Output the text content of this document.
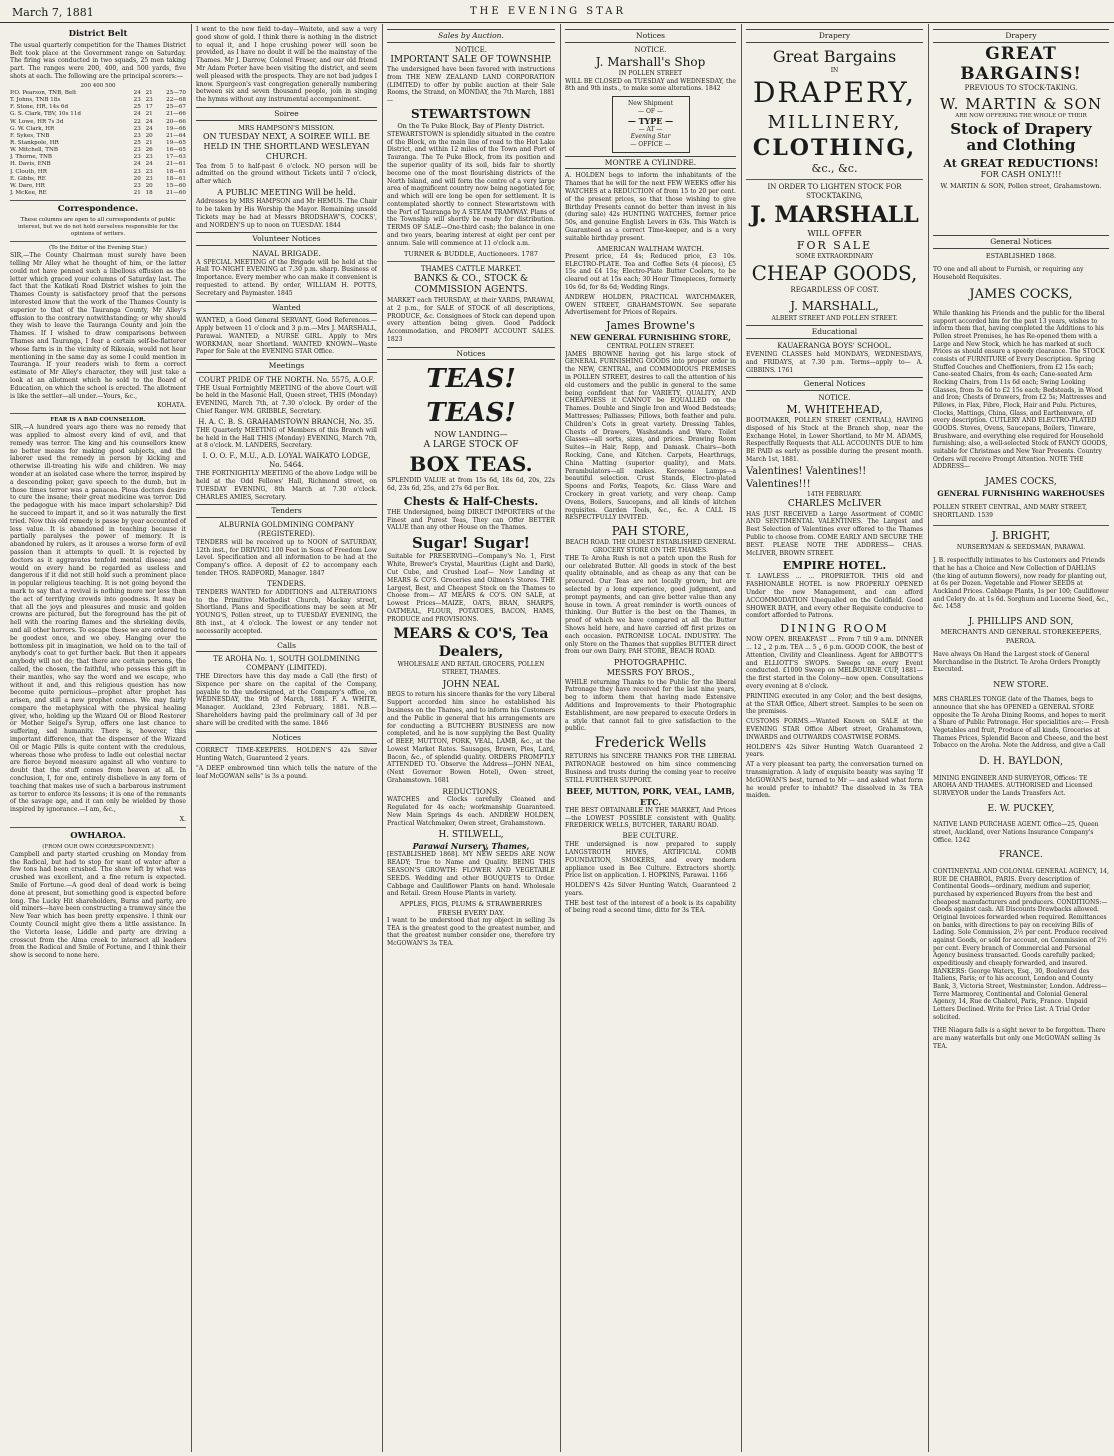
March 7, 1881	THE EVENING STAR
District Belt

The usual quarterly competition for the Thames District Belt took place at the Government range on Saturday. The firing was conducted in two squads, 25 men taking part. The ranges were 200, 400, and 500 yards, five shots at each. The following are the principal scorers:—

200 400 500
P.O. Pearson, TNB, Belt	24	21	25—70
T. Johns, TNB 18s	23	23	22—68
F. Stone, HR, 14s 6d	25	17	25—67
G. S. Clark, TBV, 10s 11d	24	21	21—66
W. Lowe, HR 7s 3d	22	24	20—66
G. W. Clark, HR	23	24	19—66
F. Sykes, TNB	23	20	21—64
R. Stankpole, HR	25	21	19—65
W. Mitchell, TNB	23	26	16—65
J. Thorne, TNB	23	23	17—63
H. Davis, ENB	24	24	21—61
J. Clouth, HR	23	23	18—61
E. Gibbs, RE	20	23	18—61
W. Dare, HR	23	20	15—60
J. McKee, RE	21	18	21—60
Correspondence.
These columns are open to all correspondents of public interest, but we do not hold ourselves responsible for the opinions of writers.
(To the Editor of the Evening Star.)

SIR,—The County Chairman must surely have been telling Mr Alley what he thought of him, or the latter could not have penned such a libellous effusion as the letter which graced your columns of Saturday last. The fact that the Katikati Road District wishes to join the Thames County is satisfactory proof that the persons interested know that the work of the Thames County is superior to that of the Tauranga County, Mr Alley's effusion to the contrary notwithstanding; or why should they wish to leave the Tauranga County and join the Thames. If I wished to draw comparisons between Thames and Tauranga, I fear a certain self-be-flatterer whose farm is in the vicinity of Rikoaia, would not hear mentioning in the same day as some I could mention in Tauranga. If your readers wish to form a correct estimate of Mr Alley's character, they will just take a look at an allotment which he sold to the Board of Education, on which the school is erected. The allotment is like the settler—all under.—Yours, &c.,

KOHATA.
FEAR IS A BAD COUNSELLOR.

SIR,—A hundred years ago there was no remedy that was applied to almost every kind of evil, and that remedy was terror. The king and his counsellors knew no better means for making good subjects, and the laborer used the remedy in person by kicking and otherwise ill-treating his wife and children. We may wonder at an isolated case where the terror, inspired by a descending poker, gave speech to the dumb, but in those times terror was a panacea. Pious doctors desire to cure the insane; their great medicine was terror. Did the pedagogue with his mace impart scholarship? Did he succeed to impart it, and so it was naturally the first tried. Now this old remedy is passe by year accounted of less value. It is abandoned in teaching because it partially paralyses the power of memory. It is abandoned by rulers, as it arouses a worse form of evil passion than it attempts to quell. It is rejected by doctors as it aggravates tenfold mental disease; and would on every hand be regarded as useless and dangerous if it did not still hold such a prominent place in popular religious teaching. It is not going beyond the mark to say that a revival is nothing more nor less than the act of terrifying crowds into goodness. It may be that all the joys and pleasures and music and golden crowns are pictured, but the foreground has the pit of hell with the roaring flames and the shrieking devils, and all other horrors. To escape these we are ordered to be goodest once, and we obey. Hanging over the bottomless pit in imagination, we hold on to the tail of anybody's coat to get further back. But then it appears anybody will not do; that there are certain persons, the called, the chosen, the faithful, who possess this gift in their mantles, who say the word and we escape, who without it and, and this religious question has now become quite pernicious—prophet after prophet has arisen, and still a new prophet comes. We may fairly compare the metaphysical with the physical healing giver, who, holding up the Wizard Oil or Blood Restorer or Mother Seigel's Syrup, offers one last chance to suffering, sad humanity. There is, however, this important difference, that the dispenser of the Wizard Oil or Magic Pills is quite content with the credulous, whereas those who profess to ladle out celestial nectar are fierce beyond measure against all who venture to doubt that the stuff comes from heaven at all. In conclusion, I, for one, entirely disbelieve in any form of teaching that makes use of such a barbarous instrument as terror to enforce its lessons; it is one of the remnants of the savage age, and it can only be wielded by those inspired by ignorance.—I am, &c.,

X.
OWHAROA.
(FROM OUR OWN CORRESPONDENT.)

Campbell and party started crushing on Monday from the Radical, but had to stop for want of water after a few tons had been crushed. The show left by what was crushed was excellent, and a fine return is expected. Smile of Fortune.—A good deal of dead work is being done at present, but something good is expected before long. The Lucky Hit shareholders, Burns and party, are old miners—have been constructing a tramway since the New Year which has been pretty expensive. I think our County Council might give them a little assistance. In the Victoria lease, Liddle and party are driving a crosscut from the Alma creek to intersect all leaders from the Radical and Smile of Fortune, and I think their show is second to none here.

I went to the new field to-day—Waitete, and saw a very good show of gold. I think there is nothing in the district to equal it, and I hope crushing power will soon be provided, as I have no doubt it will be the mainstay of the Thames. Mr J. Darrow, Colonel Fraser, and our old friend Mr Adam Porter have been visiting the district, and seem well pleased with the prospects. They are not bad judges I know. Spurgeon's vast congregation generally numbering between six and seven thousand people, join in singing the hymns without any instrumental accompaniment.

Soiree
MRS HAMPSON'S MISSION.
ON TUESDAY NEXT, A SOIREE WILL BE HELD IN THE SHORTLAND WESLEYAN CHURCH.

Tea from 5 to half-past 6 o'clock. NO person will be admitted on the ground without Tickets until 7 o'clock, after which

A PUBLIC MEETING Will be held.

Addresses by MRS HAMPSON and Mr HEMUS. The Chair to be taken by His Worship the Mayor. Remaining unsold Tickets may be had at Messrs BRODSHAW'S, COCKS', and NORDEN'S up to noon on TUESDAY. 1844

Volunteer Notices
NAVAL BRIGADE.

A SPECIAL MEETING of the Brigade will be held at the Hall TO-NIGHT EVENING at 7.30 p.m. sharp. Business of Importance. Every member who can make it convenient is requested to attend. By order, WILLIAM H. POTTS, Secretary and Paymaster. 1845

Wanted

WANTED, a Good General SERVANT, Good References.—Apply between 11 o'clock and 3 p.m.—Mrs J. MARSHALL, Parawai. WANTED, a NURSE GIRL. Apply to Mrs WORKMAN, near Shortland. WANTED KNOWN—Waste Paper for Sale at the EVENING STAR Office.

Meetings
COURT PRIDE OF THE NORTH. No. 5575, A.O.F.

THE Usual Fortnightly MEETING of the above Court will be held in the Masonic Hall, Queen street, THIS (Monday) EVENING, March 7th, at 7.30 o'clock. By order of the Chief Ranger. WM. GRIBBLE, Secretary.

H. A. C. B. S. GRAHAMSTOWN BRANCH, No. 35.

THE Quarterly MEETING of Members of this Branch will be held in the Hall THIS (Monday) EVENING, March 7th, at 8 o'clock. M. LANDERS, Secretary.

I. O. O. F., M.U., A.D. LOYAL WAIKATO LODGE, No. 5464.

THE FORTNIGHTLY MEETING of the above Lodge will be held at the Odd Fellows' Hall, Richmond street, on TUESDAY EVENING, 8th March at 7.30 o'clock. CHARLES AMIES, Secretary.

Tenders
ALBURNIA GOLDMINING COMPANY (REGISTERED).

TENDERS will be received up to NOON of SATURDAY, 12th inst., for DRIVING 100 Feet in Sons of Freedom Low Level. Specification and all information to be had at the Company's office. A deposit of £2 to accompany each tender. THOS. RADFORD, Manager. 1847

TENDERS.

TENDERS WANTED for ADDITIONS and ALTERATIONS to the Primitive Methodist Church, Mackay street, Shortland. Plans and Specifications may be seen at Mr YOUNG'S, Pollen street, up to TUESDAY EVENING, the 8th inst., at 4 o'clock. The lowest or any tender not necessarily accepted.

Calls
TE AROHA No. 1, SOUTH GOLDMINING COMPANY (LIMITED).

THE Directors have this day made a Call (the first) of Sixpence per share on the capital of the Company, payable to the undersigned, at the Company's office, on WEDNESDAY, the 9th of March, 1881. F. A. WHITE, Manager. Auckland, 23rd February, 1881. N.B.—Shareholders having paid the preliminary call of 3d per share will be credited with the same. 1846

Notices

CORRECT TIME-KEEPERS. HOLDEN'S 42s Silver Hunting Watch, Guaranteed 2 years.

"A DEEP embrowned tinn which tells the nature of the leaf McGOWAN sells" is 3s a pound.

Sales by Auction.
NOTICE.
IMPORTANT SALE OF TOWNSHIP.

The undersigned have been favored with instructions from THE NEW ZEALAND LAND CORPORATION (LIMITED) to offer by public auction at their Sale Rooms, the Strand, on MONDAY, the 7th March, 1881—

STEWARTSTOWN
On the Te Puke Block, Bay of Plenty District.

STEWARTSTOWN is splendidly situated in the centre of the Block, on the main line of road to the Hot Lake District, and within 12 miles of the Town and Port of Tauranga. The Te Puke Block, from its position and the superior quality of its soil, bids fair to shortly become one of the most flourishing districts of the North Island, and will form the centre of a very large area of magnificent country now being negotiated for, and which will ere long be open for settlement. It is contemplated shortly to connect Stewartstown with the Port of Tauranga by A STEAM TRAMWAY. Plans of the Township will shortly be ready for distribution. TERMS OF SALE—One-third cash; the balance in one and two years, bearing interest at eight per cent per annum. Sale will commence at 11 o'clock a.m.

TURNER & BUDDLE, Auctioneers. 1787
THAMES CATTLE MARKET.
BANKS & CO., STOCK & COMMISSION AGENTS.

MARKET each THURSDAY, at their YARDS, PARAWAI, at 2 p.m., for SALE of STOCK of all descriptions, PRODUCE, &c. Consignees of Stock can depend upon every attention being given. Good Paddock Accommodation, and PROMPT ACCOUNT SALES. 1823

Notices
TEAS!
TEAS!
NOW LANDING—
A LARGE STOCK OF
BOX TEAS.

SPLENDID VALUE at from 15s 6d, 18s 6d, 20s, 22s 6d, 23s 6d, 25s, and 27s 6d per Box.

Chests & Half-Chests.

THE Undersigned, being DIRECT IMPORTERS of the Finest and Purest Teas, They can Offer BETTER VALUE than any other House on the Thames.

Sugar! Sugar!

Suitable for PRESERVING—Company's No. 1, First White, Brewer's Crystal, Mauritius (Light and Dark), Cut Cube, and Crushed Loaf— Now Landing at MEARS & CO'S. Groceries and Oilmen's Stores. THE Largest, Best, and Cheapest Stock on the Thames to Choose from— AT MEARS & CO'S. ON SALE, at Lowest Prices—MAIZE, OATS, BRAN, SHARPS, OATMEAL, FLOUR, POTATOES, BACON, HAMS, PRODUCE and PROVISIONS.

MEARS & CO'S, Tea Dealers,
WHOLESALE AND RETAIL GROCERS, POLLEN STREET, THAMES.
JOHN NEAL

BEGS to return his sincere thanks for the very Liberal Support accorded him since he established his business on the Thames, and to inform his Customers and the Public in general that his arrangements are for conducting a BUTCHERY BUSINESS are now completed, and he is now supplying the Best Quality of BEEF, MUTTON, PORK, VEAL, LAMB, &c., at the Lowest Market Rates. Sausages, Brawn, Pies, Lard, Bacon, &c., of splendid quality. ORDERS PROMPTLY ATTENDED TO. Observe the Address—JOHN NEAL, (Next Governor Bowen Hotel), Owen street, Grahamstown. 1681

REDUCTIONS.

WATCHES and Clocks carefully Cleaned and Regulated for 4s each; workmanship Guaranteed. New Main Springs 4s each. ANDREW HOLDEN, Practical Watchmaker, Owen street, Grahamstown.

H. STILWELL,
Parawai Nursery, Thames,

[ESTABLISHED 1868]. MY NEW SEEDS ARE NOW READY; True to Name and Quality. BEING THIS SEASON'S GROWTH: FLOWER AND VEGETABLE SEEDS. Wedding and other BOUQUETS to Order. Cabbage and Cauliflower Plants on hand. Wholesale and Retail. Green House Plants in variety.

APPLES, FIGS, PLUMS & STRAWBERRIES FRESH EVERY DAY.

I want to be understood that my object in selling 3s TEA is the greatest good to the greatest number, and that the greatest number consider one, therefore try McGOWAN'S 3s TEA.

Notices
NOTICE.
J. Marshall's Shop
IN POLLEN STREET

WILL BE CLOSED on TUESDAY and WEDNESDAY, the 8th and 9th insts., to make some alterations. 1842

New Shipment
— OF —
— TYPE —
— AT —
Evening Star
— OFFICE —
MONTRE A CYLINDRE.

A. HOLDEN begs to inform the inhabitants of the Thames that he will for the next FEW WEEKS offer his WATCHES at a REDUCTION of from 15 to 20 per cent. of the present prices, so that those wishing to give Birthday Presents cannot do better than invest in his (during sale) 42s HUNTING WATCHES, former price 50s, and genuine English Levers in 63s. This Watch is Guaranteed as a correct Time-keeper, and is a very suitable birthday present.

AMERICAN WALTHAM WATCH.

Present price, £4 4s; Reduced price, £3 10s. ELECTRO-PLATE. Tea and Coffee Sets (4 pieces), £5 15s and £4 15s; Electro-Plate Butter Coolers, to be cleared out at 15s each; 30 Hour Timepieces, formerly 10s 6d, for 8s 6d; Wedding Rings.

ANDREW HOLDEN, PRACTICAL WATCHMAKER, OWEN STREET, GRAHAMSTOWN. See separate Advertisement for Prices of Repairs.

James Browne's
NEW GENERAL FURNISHING STORE,
CENTRAL POLLEN STREET.

JAMES BROWNE having got his large stock of GENERAL FURNISHING GOODS into proper order in the NEW, CENTRAL, and COMMODIOUS PREMISES in POLLEN STREET, desires to call the attention of his old customers and the public in general to the same being confident that for VARIETY, QUALITY, AND CHEAPNESS it CANNOT be EQUALLED on the Thames. Double and Single Iron and Wood Bedsteads; Mattresses; Palliasses; Pillows, both feather and pulu. Children's Cots in great variety. Dressing Tables, Chests of Drawers, Washstands and Ware. Toilet Glasses—all sorts, sizes, and prices. Drawing Room Suites—in Hair, Repp, and Damask. Chairs—both Rocking, Cane, and Kitchen. Carpets, Hearthrugs, China Matting (superior quality), and Mats. Perambulators—all makes. Kerosene Lamps—a beautiful selection. Crust Stands, Electro-plated Spoons and Forks, Teapots, &c. Glass Ware and Crockery in great variety, and very cheap. Camp Ovens, Boilers, Saucepans, and all kinds of kitchen requisites. Garden Tools, &c., &c. A CALL IS RESPECTFULLY INVITED.

PAH STORE,
BEACH ROAD. THE OLDEST ESTABLISHED GENERAL GROCERY STORE ON THE THAMES.

THE Te Aroha Rush is not a patch upon the Rush for our celebrated Butter. All goods in stock of the best quality obtainable, and as cheap as any that can be procured. Our Teas are not locally grown, but are selected by a long experience, good judgment, and prompt payments, and can give better value than any house in town. A great reminder is worth ounces of thinking. Our Butter is the best on the Thames, in proof of which we have compared at all the Butter Shows held here, and have carried off first prizes on each occasion. PATRONISE LOCAL INDUSTRY. The only Store on the Thames that supplies BUTTER direct from our own Dairy. PAH STORE, BEACH ROAD.

PHOTOGRAPHIC.
MESSRS FOY BROS.,

WHILE returning Thanks to the Public for the liberal Patronage they have received for the last nine years, beg to inform them that having made Extensive Additions and Improvements to their Photographic Establishment, are now prepared to execute Orders in a style that cannot fail to give satisfaction to the public.

Frederick Wells

RETURNS his SINCERE THANKS FOR THE LIBERAL PATRONAGE bestowed on him since commencing Business and trusts during the coming year to receive STILL FURTHER SUPPORT.

BEEF, MUTTON, PORK, VEAL, LAMB, ETC.

THE BEST OBTAINABLE IN THE MARKET, And Prices—the LOWEST POSSIBLE consistent with Quality. FREDERICK WELLS, BUTCHER, TARARU ROAD.

BEE CULTURE.

THE undersigned is now prepared to supply LANGSTROTH HIVES, ARTIFICIAL COMB FOUNDATION, SMOKERS, and every modern appliance used in Bee Culture. Extractors shortly. Price list on application. I. HOPKINS, Parawai. 1166

HOLDEN'S 42s Silver Hunting Watch, Guaranteed 2 years.

THE best test of the interest of a book is its capability of being read a second time, ditto for 3s TEA.

Drapery
Great Bargains
IN
DRAPERY,
MILLINERY,
CLOTHING,
&c., &c.
IN ORDER TO LIGHTEN STOCK FOR STOCKTAKING,
J. MARSHALL
WILL OFFER
FOR SALE
SOME EXTRAORDINARY
CHEAP GOODS,
REGARDLESS OF COST.
J. MARSHALL,
ALBERT STREET AND POLLEN STREET.
Educational
KAUAERANGA BOYS' SCHOOL.

EVENING CLASSES held MONDAYS, WEDNESDAYS, and FRIDAYS, at 7.30 p.m. Terms—apply to— A. GIBBINS. 1761

General Notices
NOTICE.
M. WHITEHEAD,

BOOTMAKER, POLLEN STREET (CENTRAL), HAVING disposed of his Stock at the Branch shop, near the Exchange Hotel, in Lower Shortland, to Mr M. ADAMS, Respectfully Requests that ALL ACCOUNTS DUE to him BE PAID as early as possible during the present month. March 1st, 1881.

Valentines! Valentines!! Valentines!!!
14TH FEBRUARY.
CHARLES McLIVER

HAS JUST RECEIVED a Large Assortment of COMIC AND SENTIMENTAL VALENTINES. The Largest and Best Selection of Valentines ever offered to the Thames Public to choose from. COME EARLY AND SECURE THE BEST. PLEASE NOTE THE ADDRESS— CHAS. McLIVER, BROWN STREET.

EMPIRE HOTEL.

T. LAWLESS ... ... PROPRIETOR. THIS old and FASHIONABLE HOTEL is now PROPERLY OPENED Under the new Management, and can afford ACCOMMODATION Unequalled on the Goldfield. Good SHOWER BATH, and every other Requisite conducive to comfort afforded to Patrons.

DINING ROOM

NOW OPEN. BREAKFAST ... From 7 till 9 a.m. DINNER ... 12 „ 2 p.m. TEA ... 5 „ 6 p.m. GOOD COOK, the best of Attention, Civility and Cleanliness. Agent for ABBOTT'S and ELLIOTT'S SWOPS. Sweeps on every Event conducted. £1000 Sweep on MELBOURNE CUP, 1881—the first started in the Colony—now open. Consultations every evening at 8 o'clock.

PRINTING executed in any Color, and the best designs, at the STAR Office, Albert street. Samples to be seen on the premises.

CUSTOMS FORMS.—Wanted Known on SALE at the EVENING STAR Office Albert street, Grahamstown, INWARDS and OUTWARDS COASTWISE FORMS.

HOLDEN'S 42s Silver Hunting Watch Guaranteed 2 years.

AT a very pleasant tea party, the conversation turned on transmigration. A lady of exquisite beauty was saying 'If McGOWAN'S best, turned to Mr — and asked what form he would prefer to inhabit? The dissolved in 3s TEA maiden.

Drapery
GREAT BARGAINS!
PREVIOUS TO STOCK-TAKING.
W. MARTIN & SON
ARE NOW OFFERING THE WHOLE OF THEIR
Stock of Drapery and Clothing
At GREAT REDUCTIONS!
FOR CASH ONLY!!!
W. MARTIN & SON, Pollen street, Grahamstown.
General Notices
ESTABLISHED 1868.

TO one and all about to Furnish, or requiring any Household Requisites.

JAMES COCKS,

While thanking his Friends and the public for the liberal support accorded him for the past 13 years, wishes to inform them that, having completed the Additions to his Pollen street Premises, he has Re-opened them with a Large and New Stock, which he has marked at such Prices as should ensure a speedy clearance. The STOCK consists of FURNITURE of Every Description. Spring Stuffed Couches and Cheffioniers, from £2 15s each; Cane-seated Chairs, from 4s each; Cane-seated Arm Rocking Chairs, from 11s 6d each; Swing Looking Glasses, from 3s 6d to £2 15s each; Bedsteads, in Wood and Iron; Chests of Drawers, from £2 5s; Mattresses and Pillows, in Flax, Fibre, Flock, Hair and Pulu. Pictures, Clocks, Mattings, China, Glass, and Earthenware, of every description. CUTLERY AND ELECTRO-PLATED GOODS. Stoves, Ovens, Saucepans, Boilers, Tinware, Brushware, and everything else required for Household furnishing; also, a well-selected Stock of FANCY GOODS, suitable for Christmas and New Year Presents. Country Orders will receive Prompt Attention. NOTE THE ADDRESS—

JAMES COCKS,
GENERAL FURNISHING WAREHOUSES

POLLEN STREET CENTRAL, AND MARY STREET, SHORTLAND. 1539

J. BRIGHT,
NURSERYMAN & SEEDSMAN, PARAWAI.

J. B. respectfully intimates to his Customers and Friends that he has a Choice and New Collection of DAHLIAS (the king of autumn flowers), now ready for planting out, at 6s per Dozen. Vegetable and Flower SEEDS at Auckland Prices. Cabbage Plants, 1s per 100; Cauliflower and Celery do. at 1s 6d. Sorghum and Lucerne Seed, &c., &c. 1458

J. PHILLIPS AND SON,
MERCHANTS AND GENERAL STOREKEEPERS, PAEROA.

Have always On Hand the Largest stock of General Merchandise in the District. Te Aroha Orders Promptly Executed.

NEW STORE.

MRS CHARLES TONGE (late of the Thames, begs to announce that she has OPENED a GENERAL STORE opposite the Te Aroha Dining Rooms, and hopes to merit a Share of Public Patronage. Her specialities are:— Fresh Vegetables and fruit, Produce of all kinds, Groceries at Thames Prices, Splendid Bacon and Cheese, and the best Tobacco on the Aroha. Note the Address, and give a Call

D. H. BAYLDON,

MINING ENGINEER AND SURVEYOR, Offices: TE AROHA AND THAMES. AUTHORISED and Licensed SURVEYOR under the Lands Transfers Act.

E. W. PUCKEY,

NATIVE LAND PURCHASE AGENT. Office—25, Queen street, Auckland, over Nations Insurance Company's Office. 1242

FRANCE.

CONTINENTAL AND COLONIAL GENERAL AGENCY, 14, RUE DE CHABROL, PARIS. Every description of Continental Goods—ordinary, medium and superior, purchased by experienced Buyers from the best and cheapest manufacturers and producers. CONDITIONS:—Goods against cash. All Discounts Drawbacks allowed. Original Invoices forwarded when required. Remittances on banks, with directions to pay on receiving Bills of Lading. Sole Commission, 2½ per cent. Produce received against Goods, or sold for account, on Commission of 2½ per cent. Every branch of Commercial and Personal Agency business transacted. Goods carefully packed; expeditiously and cheaply forwarded, and insured. BANKERS: George Waters, Esq., 30, Boulevard des Italiens, Paris; or to his account, London and County Bank, 3, Victoria Street, Westminster, London. Address—Terre Marmorey, Continental and Colonial General Agency, 14, Rue de Chabrol, Paris, France. Unpaid Letters Declined. Write for Price List. A Trial Order solicited.

THE Niagara falls is a sight never to be forgotten. There are many waterfalls but only one McGOWAN selling 3s TEA.
